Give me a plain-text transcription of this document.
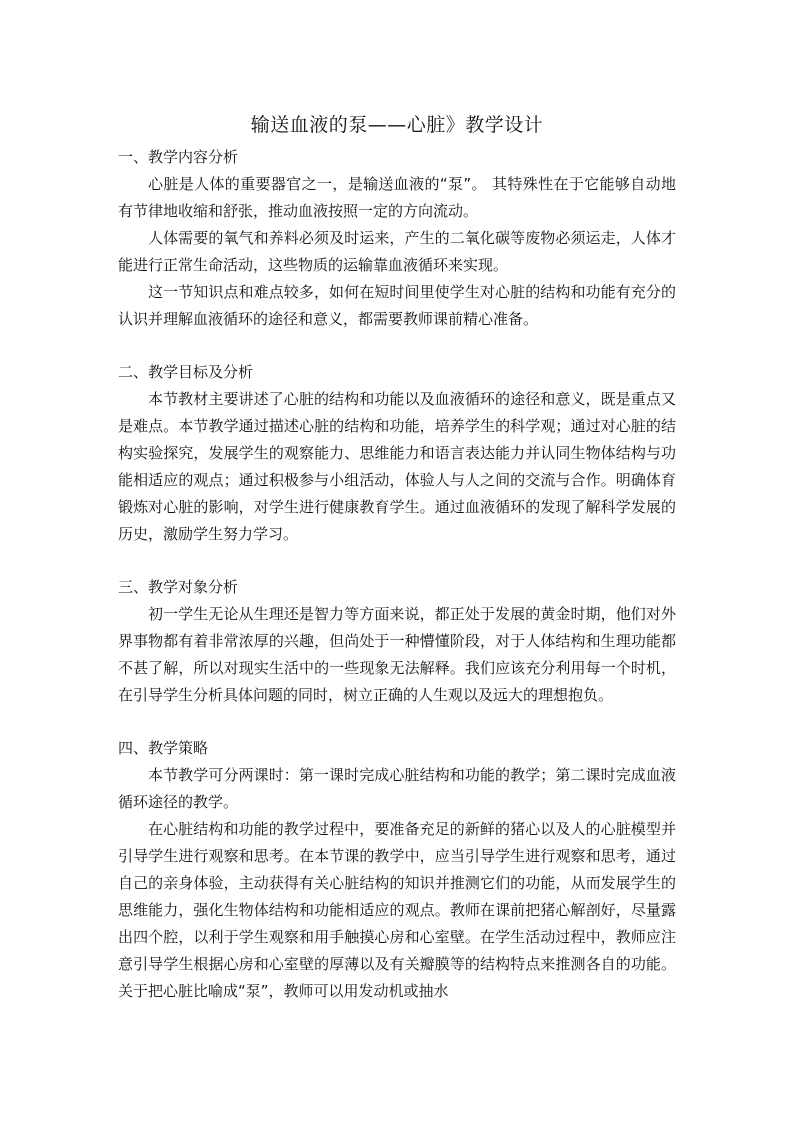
输送血液的泵——心脏》教学设计
一、教学内容分析

心脏是人体的重要器官之一，是输送血液的“泵”。 其特殊性在于它能够自动地有节律地收缩和舒张，推动血液按照一定的方向流动。

人体需要的氧气和养料必须及时运来，产生的二氧化碳等废物必须运走，人体才能进行正常生命活动，这些物质的运输靠血液循环来实现。

这一节知识点和难点较多，如何在短时间里使学生对心脏的结构和功能有充分的认识并理解血液循环的途径和意义，都需要教师课前精心准备。

二、教学目标及分析

本节教材主要讲述了心脏的结构和功能以及血液循环的途径和意义，既是重点又是难点。本节教学通过描述心脏的结构和功能，培养学生的科学观；通过对心脏的结构实验探究，发展学生的观察能力、思维能力和语言表达能力并认同生物体结构与功能相适应的观点；通过积极参与小组活动，体验人与人之间的交流与合作。明确体育锻炼对心脏的影响，对学生进行健康教育学生。通过血液循环的发现了解科学发展的历史，激励学生努力学习。

三、教学对象分析

初一学生无论从生理还是智力等方面来说，都正处于发展的黄金时期，他们对外界事物都有着非常浓厚的兴趣，但尚处于一种懵懂阶段，对于人体结构和生理功能都不甚了解，所以对现实生活中的一些现象无法解释。我们应该充分利用每一个时机，在引导学生分析具体问题的同时，树立正确的人生观以及远大的理想抱负。

四、教学策略

本节教学可分两课时：第一课时完成心脏结构和功能的教学；第二课时完成血液循环途径的教学。

在心脏结构和功能的教学过程中，要准备充足的新鲜的猪心以及人的心脏模型并引导学生进行观察和思考。在本节课的教学中，应当引导学生进行观察和思考，通过自己的亲身体验，主动获得有关心脏结构的知识并推测它们的功能，从而发展学生的思维能力，强化生物体结构和功能相适应的观点。教师在课前把猪心解剖好，尽量露出四个腔，以利于学生观察和用手触摸心房和心室壁。在学生活动过程中，教师应注意引导学生根据心房和心室壁的厚薄以及有关瓣膜等的结构特点来推测各自的功能。关于把心脏比喻成“泵”，教师可以用发动机或抽水
